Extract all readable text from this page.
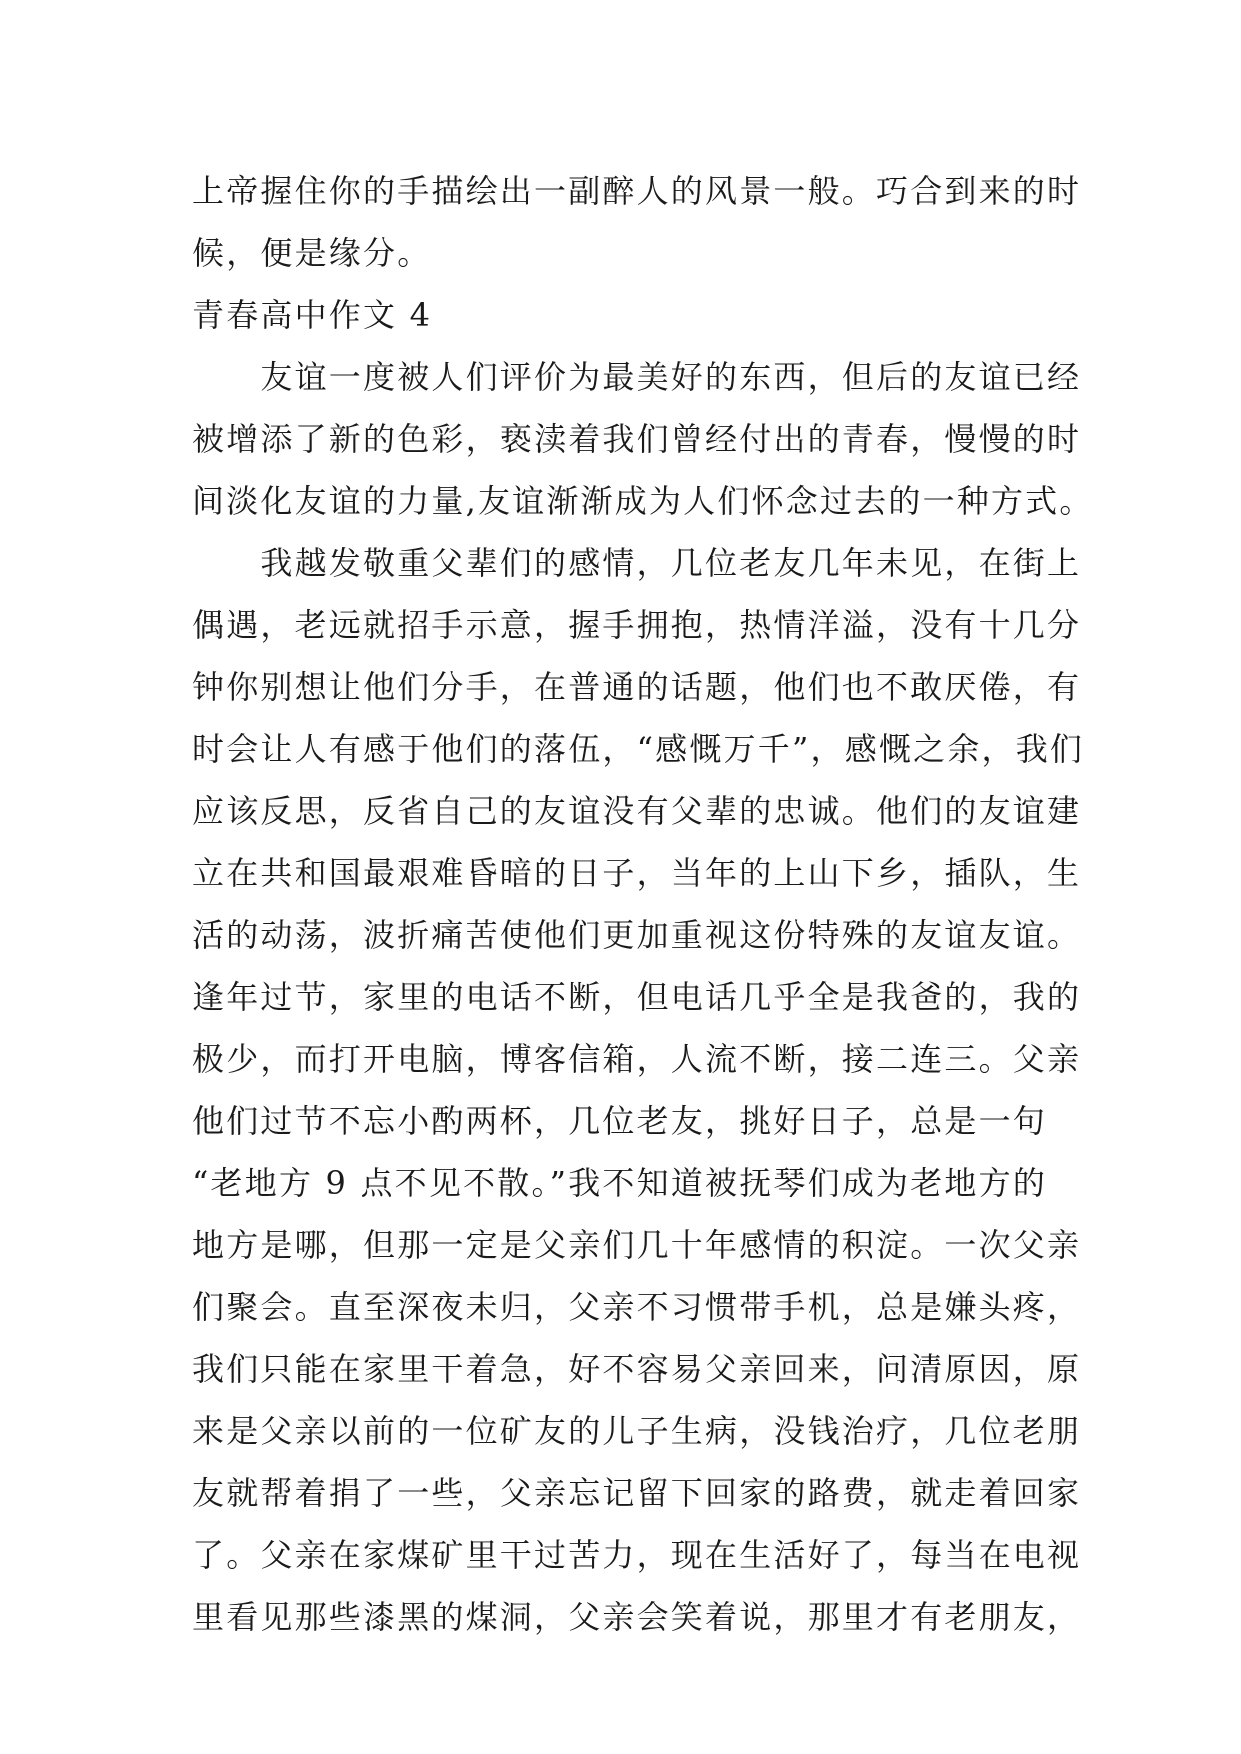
上帝握住你的手描绘出一副醉人的风景一般。巧合到来的时
候，便是缘分。
青春高中作文 4
　　友谊一度被人们评价为最美好的东西，但后的友谊已经
被增添了新的色彩，亵渎着我们曾经付出的青春，慢慢的时
间淡化友谊的力量,友谊渐渐成为人们怀念过去的一种方式。
　　我越发敬重父辈们的感情，几位老友几年未见，在街上
偶遇，老远就招手示意，握手拥抱，热情洋溢，没有十几分
钟你别想让他们分手，在普通的话题，他们也不敢厌倦，有
时会让人有感于他们的落伍，“感慨万千”，感慨之余，我们
应该反思，反省自己的友谊没有父辈的忠诚。他们的友谊建
立在共和国最艰难昏暗的日子，当年的上山下乡，插队，生
活的动荡，波折痛苦使他们更加重视这份特殊的友谊友谊。
逢年过节，家里的电话不断，但电话几乎全是我爸的，我的
极少，而打开电脑，博客信箱，人流不断，接二连三。父亲
他们过节不忘小酌两杯，几位老友，挑好日子，总是一句
“老地方 9 点不见不散。”我不知道被抚琴们成为老地方的
地方是哪，但那一定是父亲们几十年感情的积淀。一次父亲
们聚会。直至深夜未归，父亲不习惯带手机，总是嫌头疼，
我们只能在家里干着急，好不容易父亲回来，问清原因，原
来是父亲以前的一位矿友的儿子生病，没钱治疗，几位老朋
友就帮着捐了一些，父亲忘记留下回家的路费，就走着回家
了。父亲在家煤矿里干过苦力，现在生活好了，每当在电视
里看见那些漆黑的煤洞，父亲会笑着说，那里才有老朋友，
